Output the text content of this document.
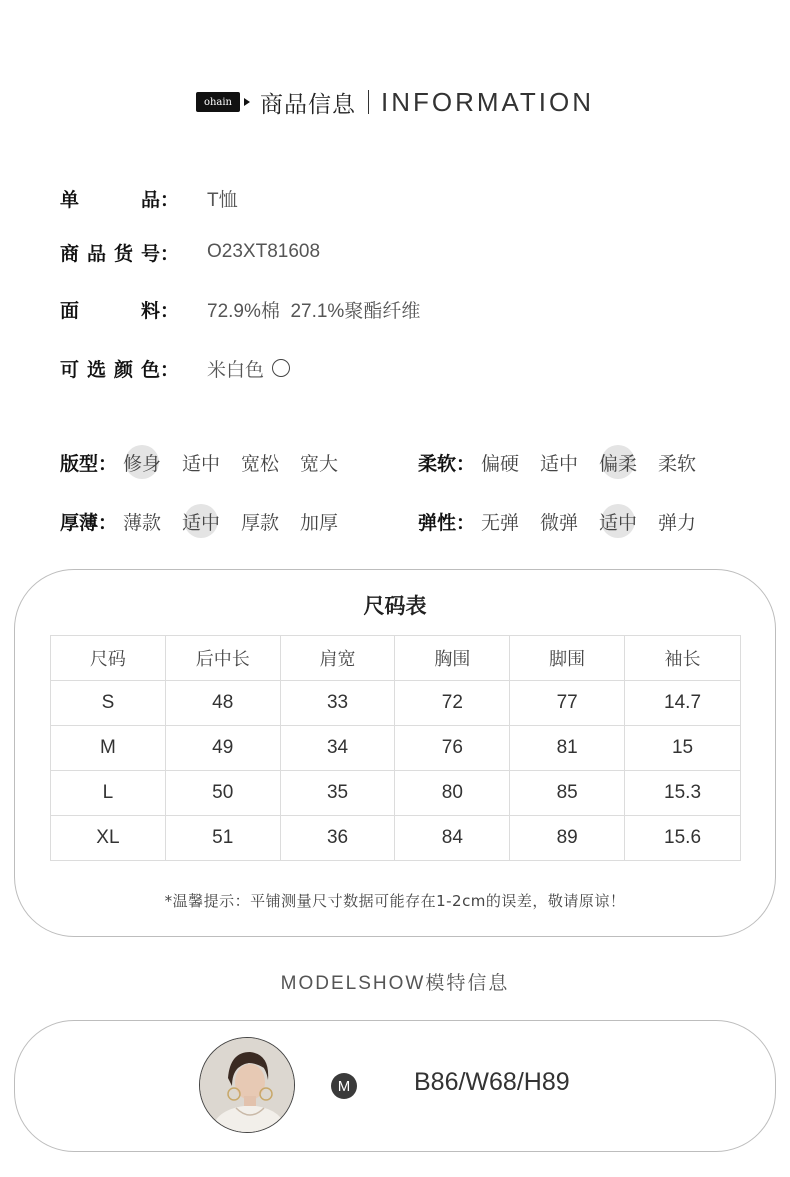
ohain 商品信息 INFORMATION
单	品 ： T恤
商 品 货 号 ： O23XT81608
面	料 ： 72.9%棉  27.1%聚酯纤维
可 选 颜 色 ： 米白色
版型： 修身	适中	宽松	宽大	柔软： 偏硬	适中	偏柔	柔软
厚薄： 薄款	适中	厚款	加厚	弹性： 无弹	微弹	适中	弹力
尺码表
尺码	后中长	肩宽	胸围	脚围	袖长
S	48	33	72	77	14.7
M	49	34	76	81	15
L	50	35	80	85	15.3
XL	51	36	84	89	15.6
*温馨提示：平铺测量尺寸数据可能存在1-2cm的误差，敬请原谅！
MODELSHOW模特信息
M	B86/W68/H89
